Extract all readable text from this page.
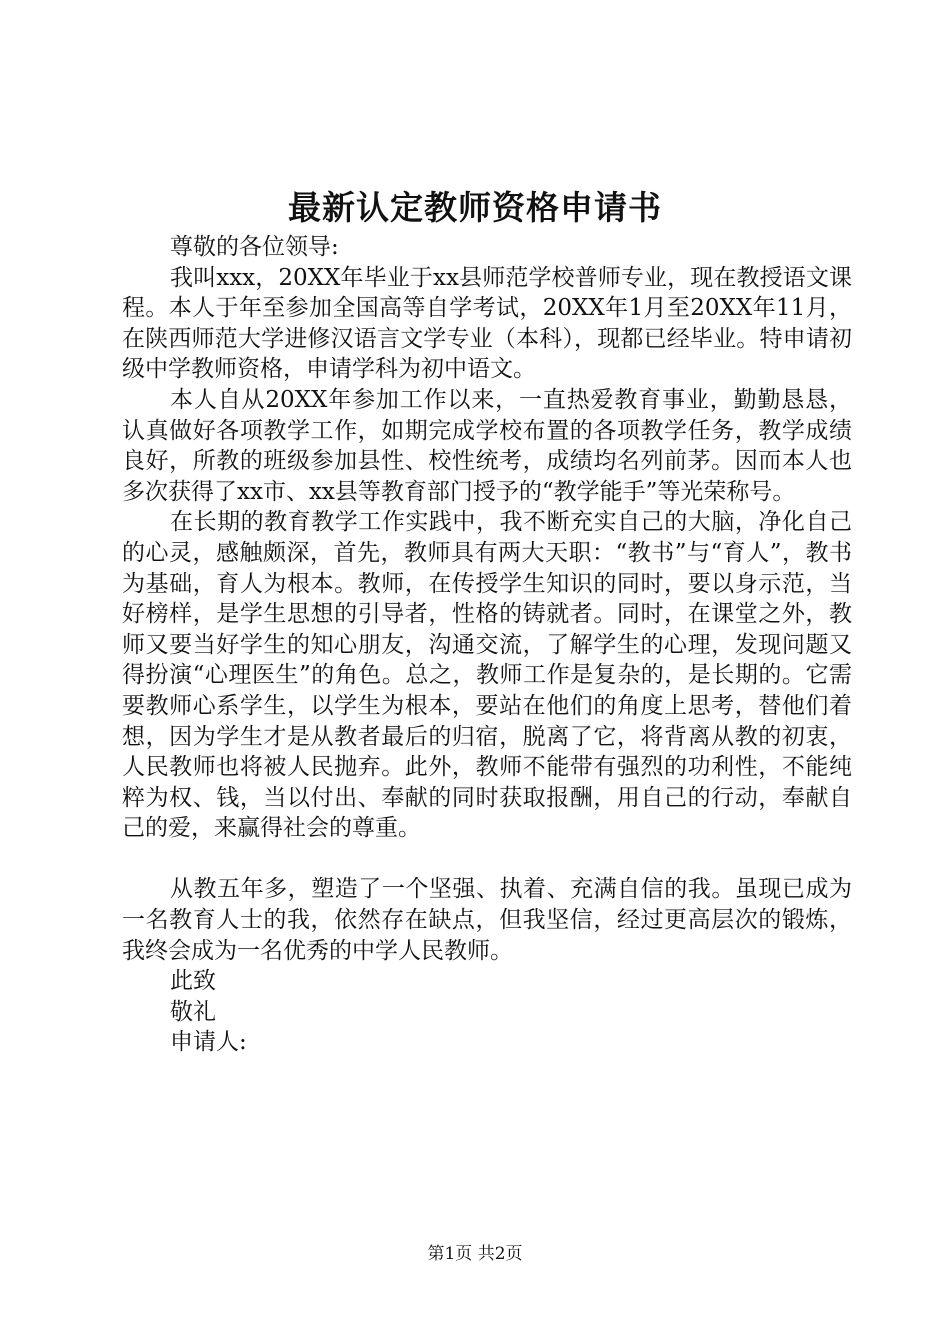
最新认定教师资格申请书

尊敬的各位领导:

我叫xxx，20XX年毕业于xx县师范学校普师专业，现在教授语文课程。本人于年至参加全国高等自学考试，20XX年1月至20XX年11月，在陕西师范大学进修汉语言文学专业（本科），现都已经毕业。特申请初级中学教师资格，申请学科为初中语文。

本人自从20XX年参加工作以来，一直热爱教育事业，勤勤恳恳，认真做好各项教学工作，如期完成学校布置的各项教学任务，教学成绩良好，所教的班级参加县性、校性统考，成绩均名列前茅。因而本人也多次获得了xx市、xx县等教育部门授予的“教学能手”等光荣称号。

在长期的教育教学工作实践中，我不断充实自己的大脑，净化自己的心灵，感触颇深，首先，教师具有两大天职：“教书”与“育人”，教书为基础，育人为根本。教师，在传授学生知识的同时，要以身示范，当好榜样，是学生思想的引导者，性格的铸就者。同时，在课堂之外，教师又要当好学生的知心朋友，沟通交流，了解学生的心理，发现问题又得扮演“心理医生”的角色。总之，教师工作是复杂的，是长期的。它需要教师心系学生，以学生为根本，要站在他们的角度上思考，替他们着想，因为学生才是从教者最后的归宿，脱离了它，将背离从教的初衷，人民教师也将被人民抛弃。此外，教师不能带有强烈的功利性，不能纯粹为权、钱，当以付出、奉献的同时获取报酬，用自己的行动，奉献自己的爱，来赢得社会的尊重。

从教五年多，塑造了一个坚强、执着、充满自信的我。虽现已成为一名教育人士的我，依然存在缺点，但我坚信，经过更高层次的锻炼，我终会成为一名优秀的中学人民教师。

此致

敬礼

申请人:

第1页 共2页
